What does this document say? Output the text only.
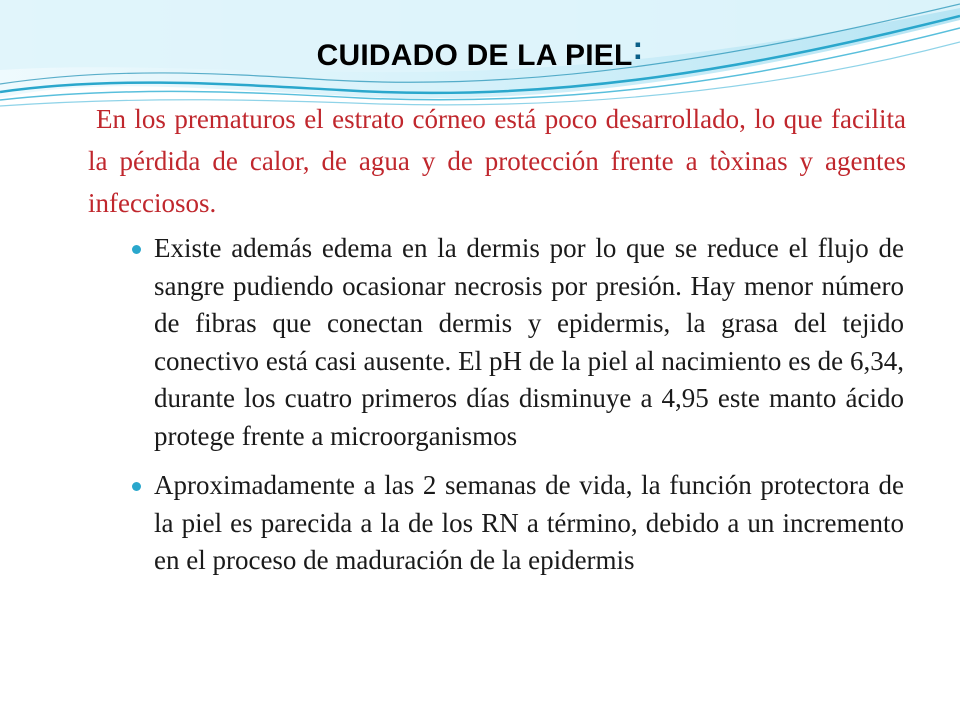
CUIDADO DE LA PIEL:

En los prematuros el estrato córneo está poco desarrollado, lo que facilita la pérdida de calor, de agua y de protección frente a tòxinas y agentes infecciosos.

Existe además edema en la dermis por lo que se reduce el flujo de sangre pudiendo ocasionar necrosis por presión. Hay menor número de fibras que conectan dermis y epidermis, la grasa del tejido conectivo está casi ausente. El pH de la piel al nacimiento es de 6,34, durante los cuatro primeros días disminuye a 4,95 este manto ácido protege frente a microorganismos
Aproximadamente a las 2 semanas de vida, la función protectora de la piel es parecida a la de los RN a término, debido a un incremento en el proceso de maduración de la epidermis
